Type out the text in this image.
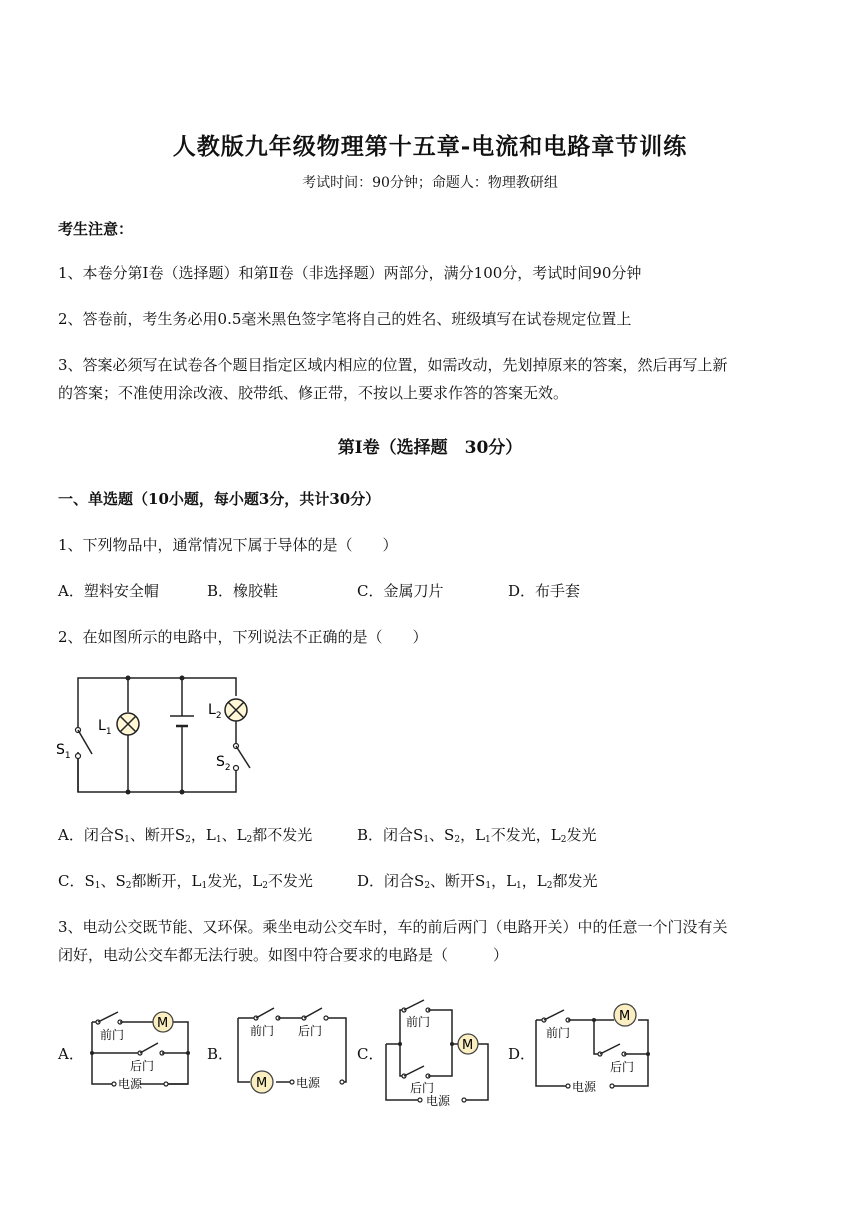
人教版九年级物理第十五章-电流和电路章节训练
考试时间：90分钟；命题人：物理教研组
考生注意：
1、本卷分第Ⅰ卷（选择题）和第Ⅱ卷（非选择题）两部分，满分100分，考试时间90分钟
2、答卷前，考生务必用0.5毫米黑色签字笔将自己的姓名、班级填写在试卷规定位置上
3、答案必须写在试卷各个题目指定区域内相应的位置，如需改动，先划掉原来的答案，然后再写上新
的答案；不准使用涂改液、胶带纸、修正带，不按以上要求作答的答案无效。
第Ⅰ卷（选择题　30分）
一、单选题（10小题，每小题3分，共计30分）
1、下列物品中，通常情况下属于导体的是（　　）
A．塑料安全帽	B．橡胶鞋	C．金属刀片	D．布手套
2、在如图所示的电路中，下列说法不正确的是（　　）
$L_1$
$L_2$
$S_1$	$S_2$
A．闭合$S_1$、断开$S_2$，$L_1$、$L_2$都不发光	B．闭合$S_1$、$S_2$，$L_1$不发光，$L_2$发光
C．$S_1$、$S_2$都断开，$L_1$发光，$L_2$不发光	D．闭合$S_2$、断开$S_1$，$L_1$，$L_2$都发光
3、电动公交既节能、又环保。乘坐电动公交车时，车的前后两门（电路开关）中的任意一个门没有关
闭好，电动公交车都无法行驶。如图中符合要求的电路是（　　　）
A．	B．	C．	D．
M
前门
后门
电源
前门 后门
M 电源
前门
后门
M
电源
M
前门
后门
电源
